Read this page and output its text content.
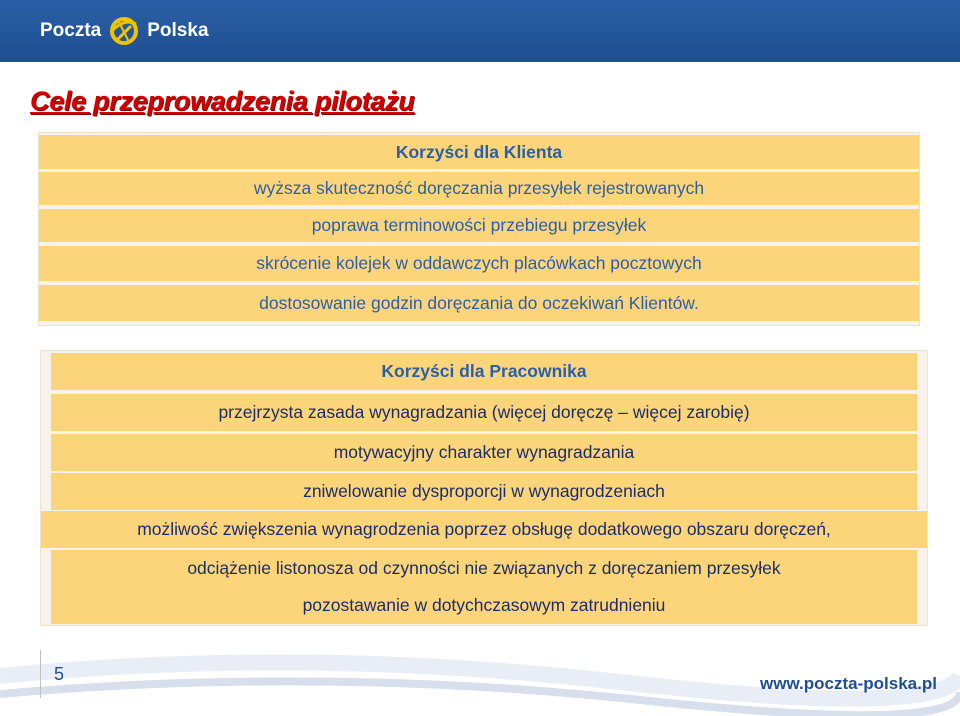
Poczta Polska
Cele przeprowadzenia pilotażu
Korzyści dla Klienta
wyższa skuteczność doręczania przesyłek rejestrowanych
poprawa terminowości przebiegu przesyłek
skrócenie kolejek w oddawczych placówkach pocztowych
dostosowanie godzin doręczania do oczekiwań Klientów.
Korzyści dla Pracownika
przejrzysta zasada wynagradzania (więcej doręczę – więcej zarobię)
motywacyjny charakter wynagradzania
zniwelowanie dysproporcji w wynagrodzeniach
możliwość zwiększenia wynagrodzenia poprzez obsługę dodatkowego obszaru doręczeń,
odciążenie listonosza od czynności nie związanych z doręczaniem przesyłek
pozostawanie w dotychczasowym zatrudnieniu
5	www.poczta-polska.pl
